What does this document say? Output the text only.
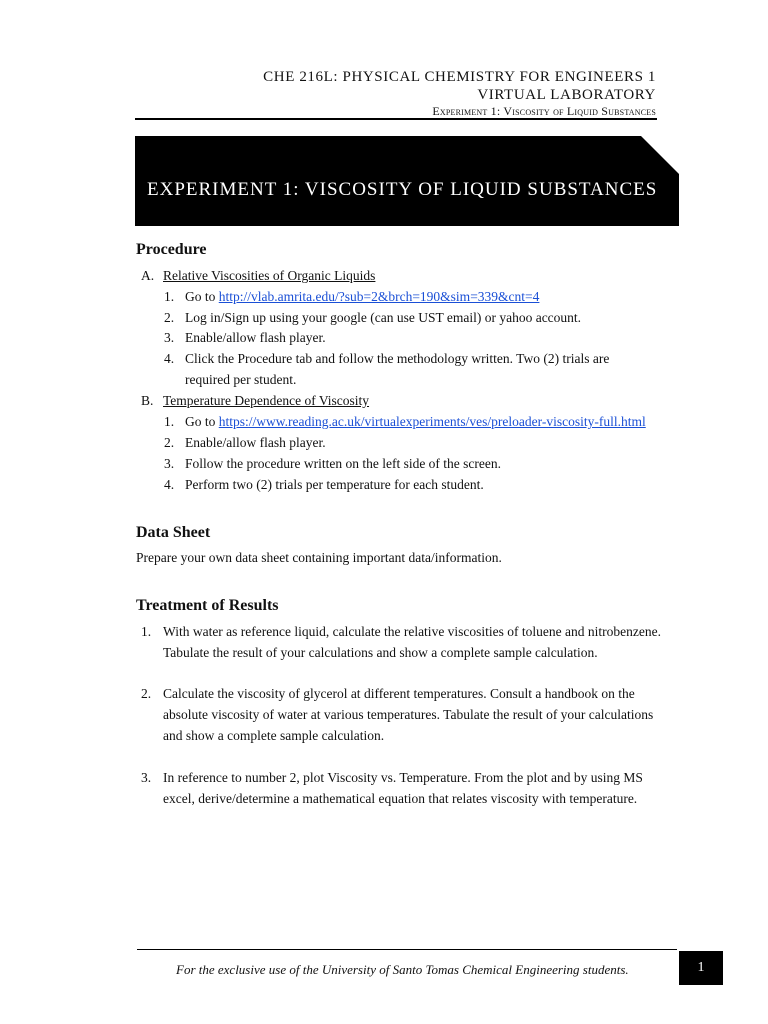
CHE 216L: PHYSICAL CHEMISTRY FOR ENGINEERS 1
VIRTUAL LABORATORY
Experiment 1: Viscosity of Liquid Substances
EXPERIMENT 1: VISCOSITY OF LIQUID SUBSTANCES
Procedure
A. Relative Viscosities of Organic Liquids
1. Go to http://vlab.amrita.edu/?sub=2&brch=190&sim=339&cnt=4
2. Log in/Sign up using your google (can use UST email) or yahoo account.
3. Enable/allow flash player.
4. Click the Procedure tab and follow the methodology written. Two (2) trials are
required per student.
B. Temperature Dependence of Viscosity
1. Go to https://www.reading.ac.uk/virtualexperiments/ves/preloader-viscosity-full.html
2. Enable/allow flash player.
3. Follow the procedure written on the left side of the screen.
4. Perform two (2) trials per temperature for each student.
Data Sheet
Prepare your own data sheet containing important data/information.
Treatment of Results
1. With water as reference liquid, calculate the relative viscosities of toluene and nitrobenzene.
Tabulate the result of your calculations and show a complete sample calculation.
2. Calculate the viscosity of glycerol at different temperatures. Consult a handbook on the
absolute viscosity of water at various temperatures. Tabulate the result of your calculations
and show a complete sample calculation.
3. In reference to number 2, plot Viscosity vs. Temperature. From the plot and by using MS
excel, derive/determine a mathematical equation that relates viscosity with temperature.
For the exclusive use of the University of Santo Tomas Chemical Engineering students.	1
